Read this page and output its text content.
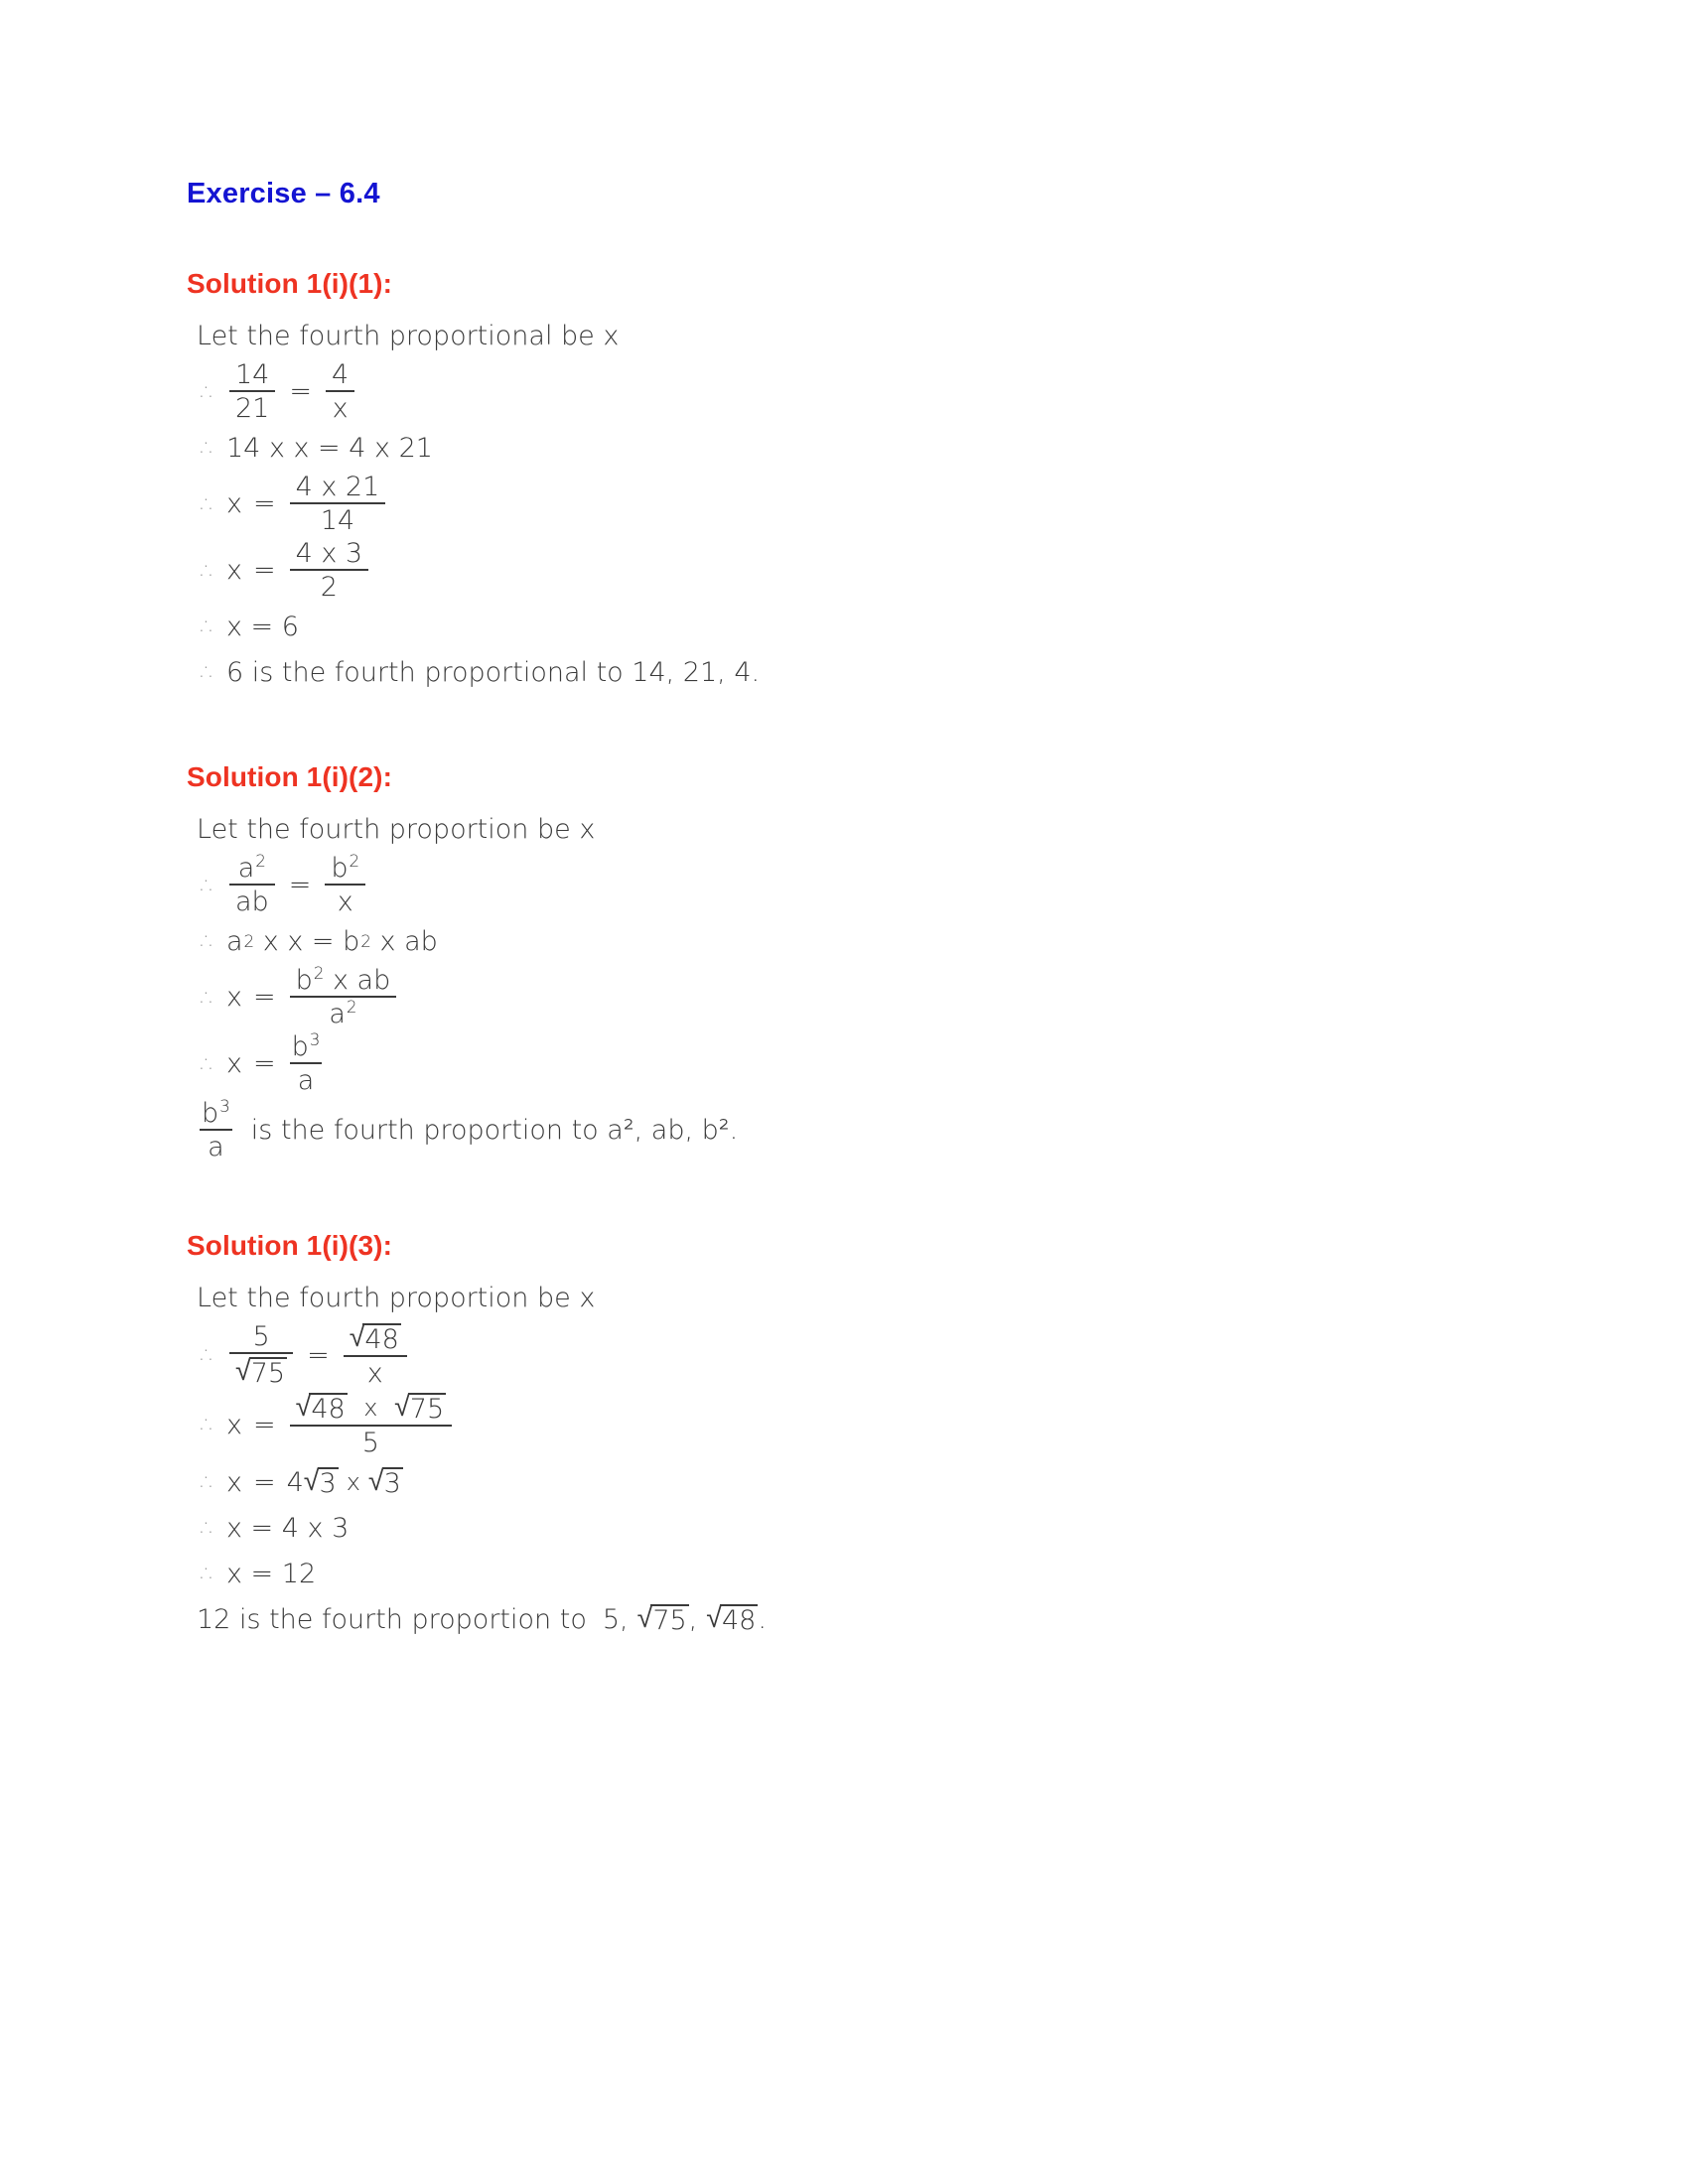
Exercise – 6.4
Solution 1(i)(1):
Let the fourth proportional be x
∴ $\frac{14}{21} = \frac{4}{x}$
∴ 14 x x = 4 x 21
∴ $x = \frac{4 x 21}{14}$
∴ $x = \frac{4 x 3}{2}$
∴ x = 6
∴ 6 is the fourth proportional to 14, 21, 4.
Solution 1(i)(2):
Let the fourth proportion be x
∴ $\frac{a^2}{ab} = \frac{b^2}{x}$
∴ a 2 x x = b 2 x ab
∴ $x = \frac{b^2 x ab}{a^2}$
∴ $x = \frac{b^3}{a}$
$\frac{b^3}{a}$ is the fourth proportion to a², ab, b².
Solution 1(i)(3):
Let the fourth proportion be x
∴ $\frac{5}{√ 75} = \frac{√ 48}{x}$
∴ $x = \frac{√ 48 x √ 75}{5}$
∴ x = 4 √ 3 x √ 3
∴ x = 4 x 3
∴ x = 12
12 is the fourth proportion to 5, √ 75 , √ 48 .
